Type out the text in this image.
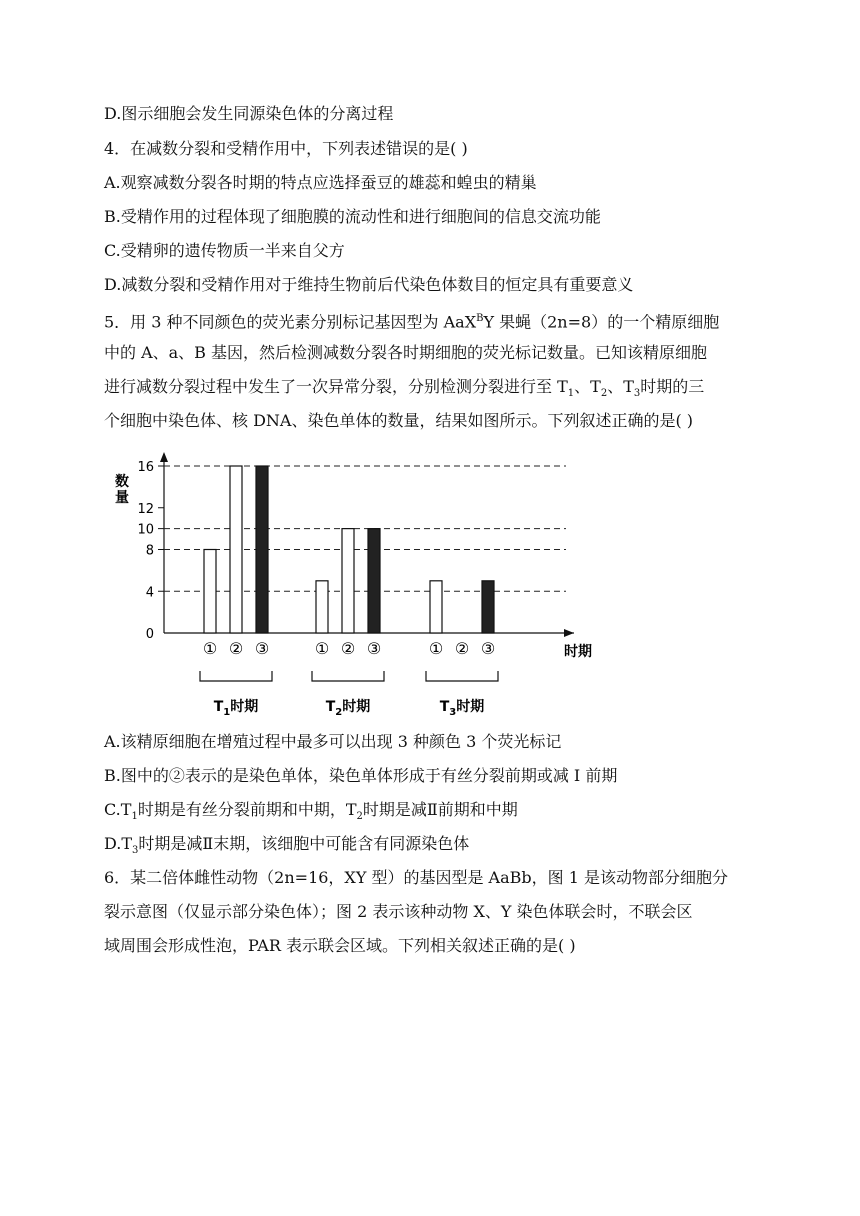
D.图示细胞会发生同源染色体的分离过程
4．在减数分裂和受精作用中，下列表述错误的是( )
A.观察减数分裂各时期的特点应选择蚕豆的雄蕊和蝗虫的精巢
B.受精作用的过程体现了细胞膜的流动性和进行细胞间的信息交流功能
C.受精卵的遗传物质一半来自父方
D.减数分裂和受精作用对于维持生物前后代染色体数目的恒定具有重要意义
5．用 3 种不同颜色的荧光素分别标记基因型为 AaX$^B$Y 果蝇（2n=8）的一个精原细胞
中的 A、a、B 基因，然后检测减数分裂各时期细胞的荧光标记数量。已知该精原细胞
进行减数分裂过程中发生了一次异常分裂，分别检测分裂进行至 $T_1$、$T_2$、$T_3$时期的三
个细胞中染色体、核 DNA、染色单体的数量，结果如图所示。下列叙述正确的是( )
数量
0
4
8
10
12
16
① ② ③
$T_1$时期
① ② ③
$T_2$时期
① ② ③
$T_3$时期
时期
A.该精原细胞在增殖过程中最多可以出现 3 种颜色 3 个荧光标记
B.图中的②表示的是染色单体，染色单体形成于有丝分裂前期或减 I 前期
$C.T_1$时期是有丝分裂前期和中期，$T_2$时期是减Ⅱ前期和中期
$D.T_3$时期是减Ⅱ末期，该细胞中可能含有同源染色体
6．某二倍体雌性动物（2n=16，XY 型）的基因型是 AaBb，图 1 是该动物部分细胞分
裂示意图（仅显示部分染色体）；图 2 表示该种动物 X、Y 染色体联会时，不联会区
域周围会形成性泡，PAR 表示联会区域。下列相关叙述正确的是( )
